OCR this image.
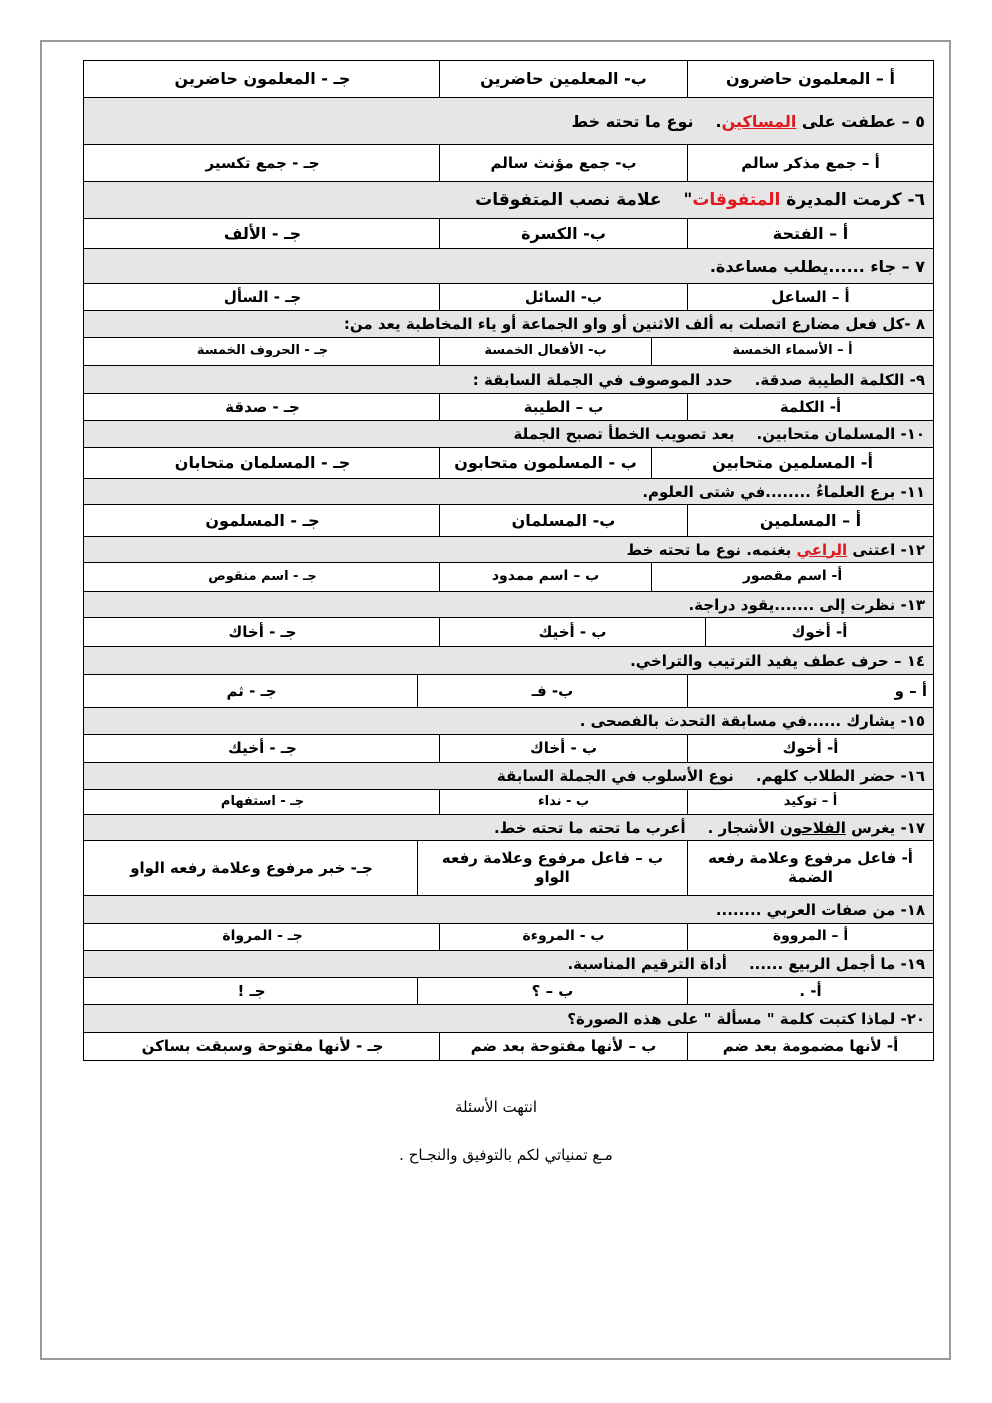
أ – المعلمون حاضرون
ب- المعلمين حاضرين
جـ - المعلمون حاضرين
٥ – عطفت على المساكين.
نوع ما تحته خط
أ – جمع مذكر سالم
ب- جمع مؤنث سالم
جـ - جمع تكسير
٦- كرمت المديرة المتفوقات"
علامة نصب المتفوقات
أ – الفتحة
ب- الكسرة
جـ - الألف
٧ – جاء ......يطلب مساعدة.
أ – الساعل
ب- السائل
جـ - السأل
٨ -كل فعل مضارع اتصلت به ألف الاثنين أو واو الجماعة أو ياء المخاطبة يعد من:
أ – الأسماء الخمسة
ب- الأفعال الخمسة
جـ - الحروف الخمسة
٩- الكلمة الطيبة صدقة.
حدد الموصوف في الجملة السابقة :
أ- الكلمة
ب – الطيبة
جـ - صدقة
١٠- المسلمان متحابين.
بعد تصويب الخطأ تصبح الجملة
أ- المسلمين متحابين
ب - المسلمون متحابون
جـ - المسلمان متحابان
١١- برع العلماءُ ........في شتى العلوم.
أ – المسلمين
ب- المسلمان
جـ - المسلمون
١٢- اعتنى الراعي بغنمه. نوع ما تحته خط
أ- اسم مقصور
ب – اسم ممدود
جـ - اسم منقوص
١٣- نظرت إلى .......يقود دراجة.
أ- أخوك
ب - أخيك
جـ - أخاك
١٤ – حرف عطف يفيد الترتيب والتراخي.
أ – و
ب- فـ
جـ - ثم
١٥- يشارك ......في مسابقة التحدث بالفصحى .
أ- أخوك
ب - أخاك
جـ - أخيك
١٦- حضر الطلاب كلهم.
نوع الأسلوب في الجملة السابقة
أ – توكيد
ب - نداء
جـ - استفهام
١٧- يغرس الفلاحون الأشجار .
أعرب ما تحته ما تحته خط.
أ- فاعل مرفوع وعلامة رفعه الضمة
ب – فاعل مرفوع وعلامة رفعه الواو
جـ- خبر مرفوع وعلامة رفعه الواو
١٨- من صفات العربي ........
أ – المرووة
ب - المروءة
جـ - المرواة
١٩- ما أجمل الربيع ......
أداة الترقيم المناسبة.
أ- .
ب – ؟
جـ !
٢٠- لماذا كتبت كلمة " مسألة " على هذه الصورة؟
أ- لأنها مضمومة بعد ضم
ب – لأنها مفتوحة بعد ضم
جـ - لأنها مفتوحة وسبقت بساكن
انتهت الأسئلة
مـع تمنياتي لكم بالتوفيق والنجـاح .
